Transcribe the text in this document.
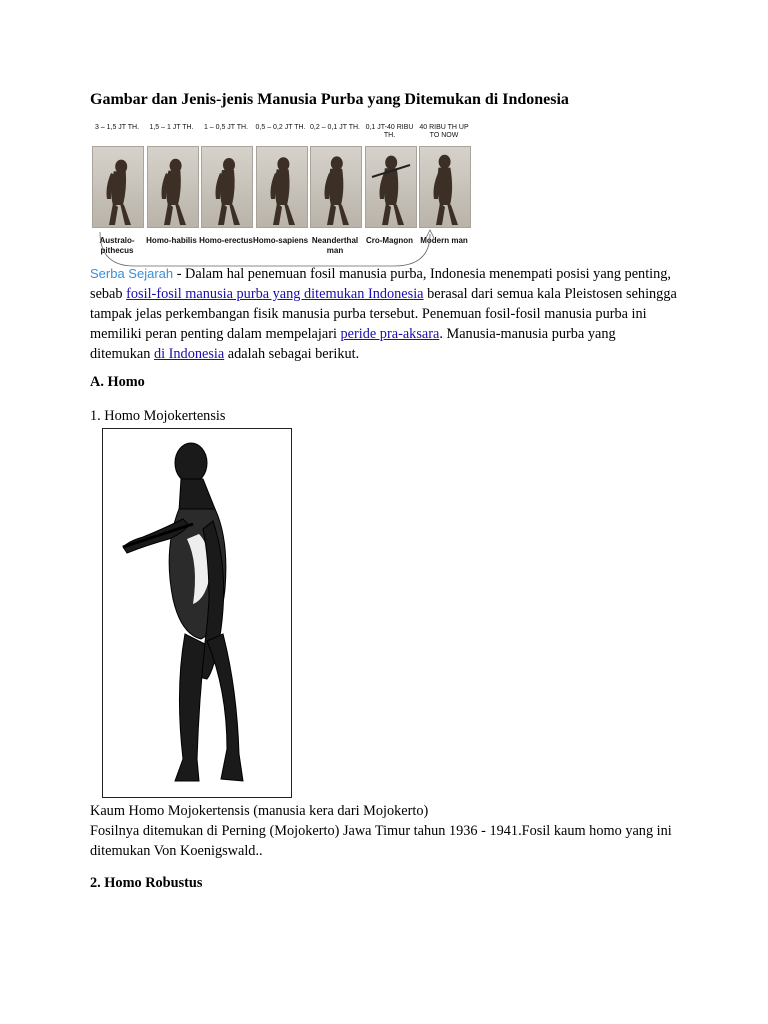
Gambar dan Jenis-jenis Manusia Purba yang Ditemukan di Indonesia
3 – 1,5 JT TH.
Australo-pithecus
1,5 – 1 JT TH.
Homo-habilis
1 – 0,5 JT TH.
Homo-erectus
0,5 – 0,2 JT TH.
Homo-sapiens
0,2 – 0,1 JT TH.
Neanderthal man
0,1 JT-40 RIBU TH.
Cro-Magnon
40 RIBU TH UP TO NOW
Modern man

Serba Sejarah - Dalam hal penemuan fosil manusia purba, Indonesia menempati posisi yang penting, sebab fosil-fosil manusia purba yang ditemukan Indonesia berasal dari semua kala Pleistosen sehingga tampak jelas perkembangan fisik manusia purba tersebut. Penemuan fosil-fosil manusia purba ini memiliki peran penting dalam mempelajari peride pra-aksara. Manusia-manusia purba yang ditemukan di Indonesia adalah sebagai berikut.

A. Homo

1. Homo Mojokertensis

Kaum Homo Mojokertensis (manusia kera dari Mojokerto)
Fosilnya ditemukan di Perning (Mojokerto) Jawa Timur tahun 1936 - 1941.Fosil kaum homo yang ini ditemukan Von Koenigswald..

2. Homo Robustus
